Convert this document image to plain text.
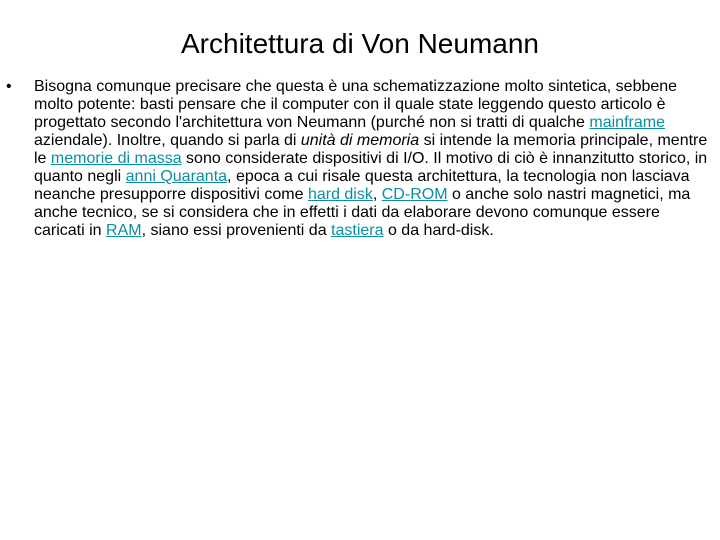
Architettura di Von Neumann
• Bisogna comunque precisare che questa è una schematizzazione molto sintetica, sebbene molto potente: basti pensare che il computer con il quale state leggendo questo articolo è progettato secondo l'architettura von Neumann (purché non si tratti di qualche mainframe aziendale). Inoltre, quando si parla di unità di memoria si intende la memoria principale, mentre le memorie di massa sono considerate dispositivi di I/O. Il motivo di ciò è innanzitutto storico, in quanto negli anni Quaranta, epoca a cui risale questa architettura, la tecnologia non lasciava neanche presupporre dispositivi come hard disk, CD-ROM o anche solo nastri magnetici, ma anche tecnico, se si considera che in effetti i dati da elaborare devono comunque essere caricati in RAM, siano essi provenienti da tastiera o da hard-disk.
